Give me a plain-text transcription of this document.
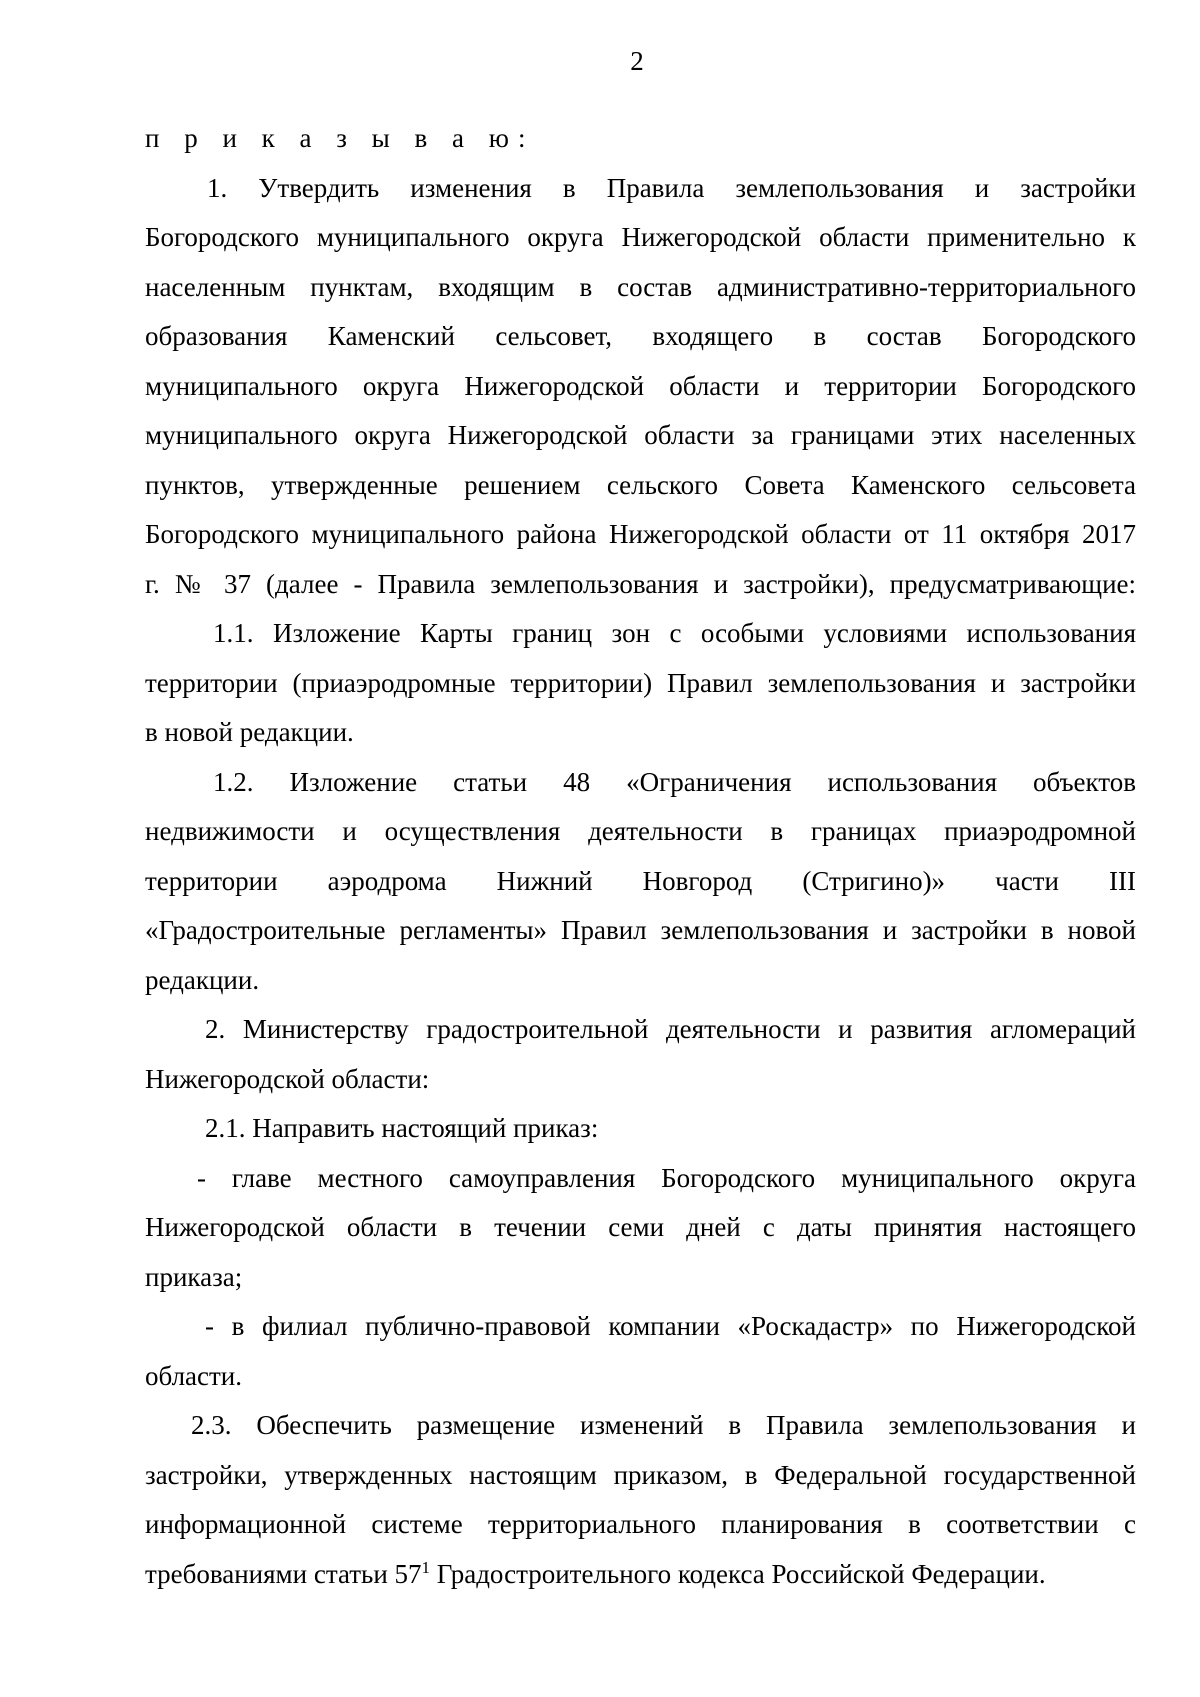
2

п р и к а з ы в а ю:

1. Утвердить изменения в Правила землепользования и застройки

Богородского муниципального округа Нижегородской области применительно к

населенным пунктам, входящим в состав административно-территориального

образования Каменский сельсовет, входящего в состав Богородского

муниципального округа Нижегородской области и территории Богородского

муниципального округа Нижегородской области за границами этих населенных

пунктов, утвержденные решением сельского Совета Каменского сельсовета

Богородского муниципального района Нижегородской области от 11 октября 2017

г. № 37 (далее - Правила землепользования и застройки), предусматривающие:

1.1. Изложение Карты границ зон с особыми условиями использования

территории (приаэродромные территории) Правил землепользования и застройки

в новой редакции.

1.2. Изложение статьи 48 «Ограничения использования объектов

недвижимости и осуществления деятельности в границах приаэродромной

территории аэродрома Нижний Новгород (Стригино)» части III

«Градостроительные регламенты» Правил землепользования и застройки в новой

редакции.

2. Министерству градостроительной деятельности и развития агломераций

Нижегородской области:

2.1. Направить настоящий приказ:

- главе местного самоуправления Богородского муниципального округа

Нижегородской области в течении семи дней с даты принятия настоящего

приказа;

- в филиал публично-правовой компании «Роскадастр» по Нижегородской

области.

2.3. Обеспечить размещение изменений в Правила землепользования и

застройки, утвержденных настоящим приказом, в Федеральной государственной

информационной системе территориального планирования в соответствии с

требованиями статьи $57^1$ Градостроительного кодекса Российской Федерации.
